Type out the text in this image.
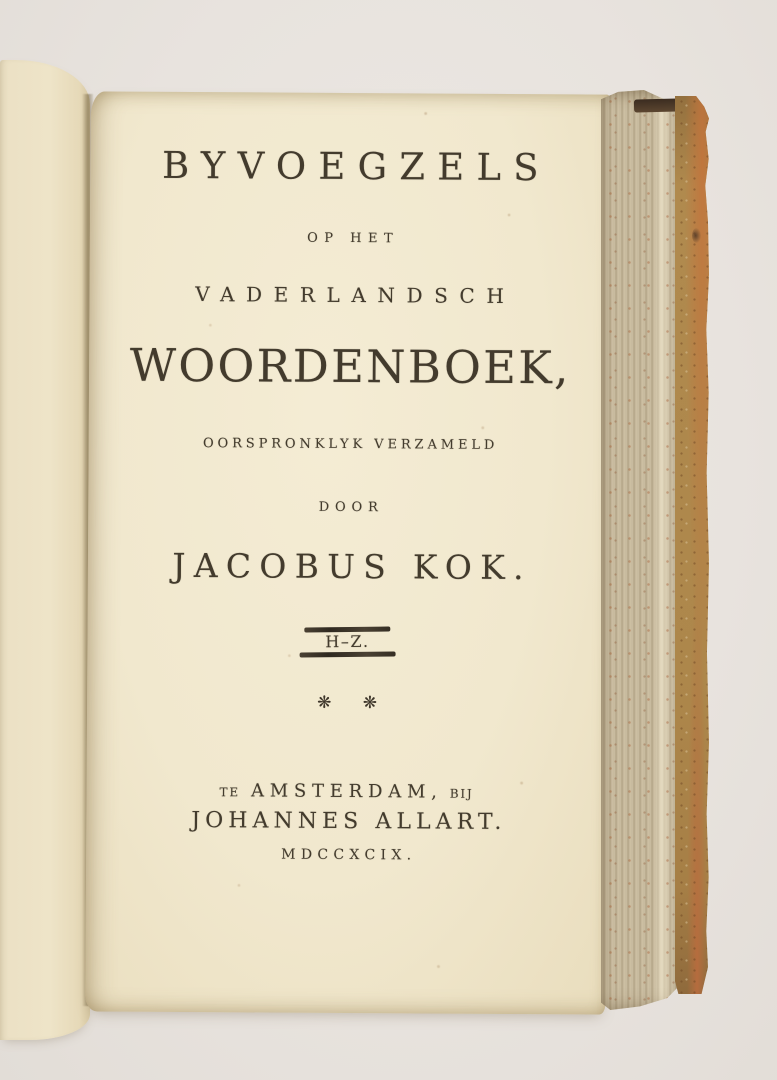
BYVOEGZELS
OP HET
VADERLANDSCH
WOORDENBOEK,
OORSPRONKLYK VERZAMELD
DOOR
JACOBUS KOK.
H–Z.
❋ ❋
TE AMSTERDAM, BIJ
JOHANNES ALLART.
MDCCXCIX.
